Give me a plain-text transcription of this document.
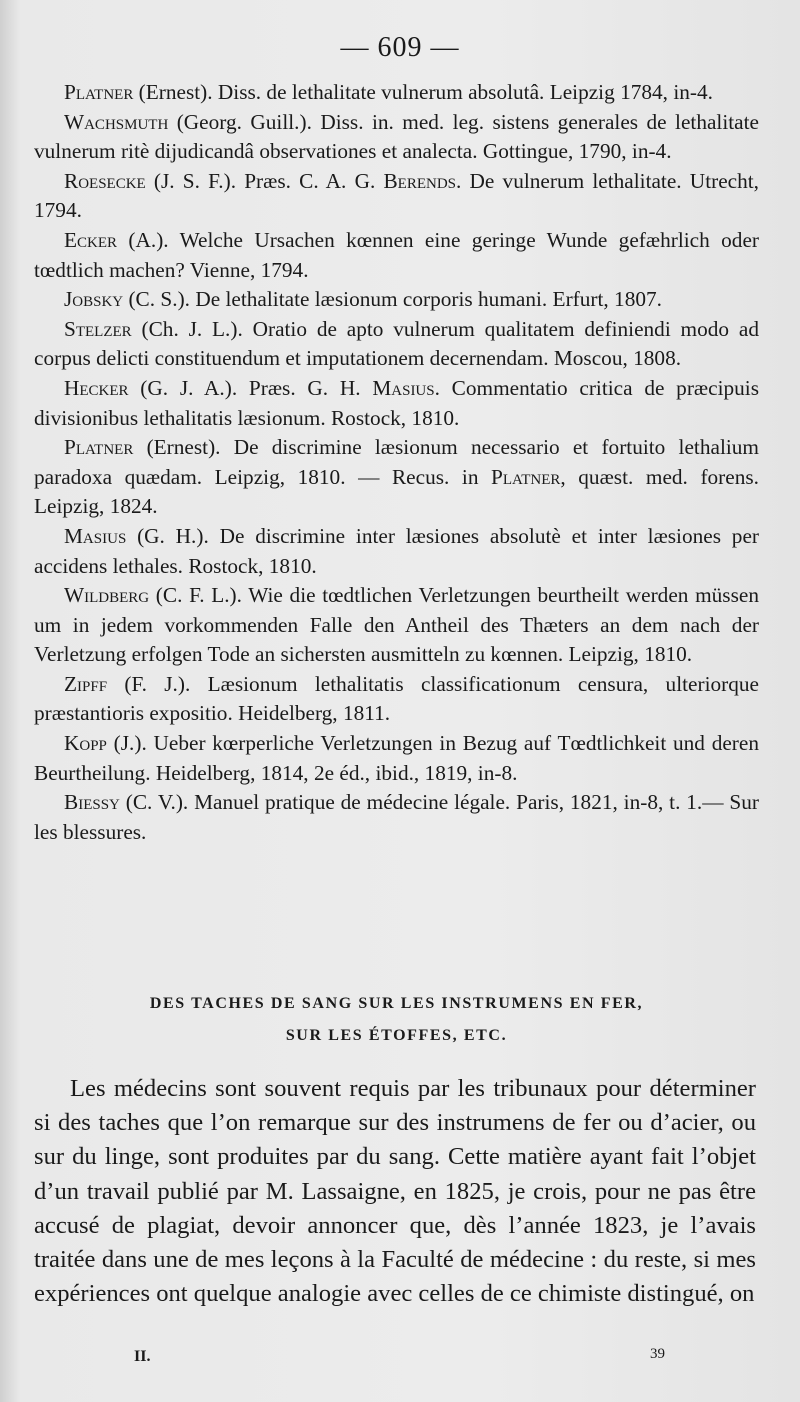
— 609 —

Platner (Ernest). Diss. de lethalitate vulnerum absolutâ. Leipzig 1784, in-4.

Wachsmuth (Georg. Guill.). Diss. in. med. leg. sistens generales de lethalitate vulnerum ritè dijudicandâ observationes et analecta. Gottingue, 1790, in-4.

Roesecke (J. S. F.). Præs. C. A. G. Berends. De vulnerum lethalitate. Utrecht, 1794.

Ecker (A.). Welche Ursachen kœnnen eine geringe Wunde gefæhrlich oder tœdtlich machen? Vienne, 1794.

Jobsky (C. S.). De lethalitate læsionum corporis humani. Erfurt, 1807.

Stelzer (Ch. J. L.). Oratio de apto vulnerum qualitatem definiendi modo ad corpus delicti constituendum et imputationem decernendam. Moscou, 1808.

Hecker (G. J. A.). Præs. G. H. Masius. Commentatio critica de præcipuis divisionibus lethalitatis læsionum. Rostock, 1810.

Platner (Ernest). De discrimine læsionum necessario et fortuito lethalium paradoxa quædam. Leipzig, 1810. — Recus. in Platner, quæst. med. forens. Leipzig, 1824.

Masius (G. H.). De discrimine inter læsiones absolutè et inter læsiones per accidens lethales. Rostock, 1810.

Wildberg (C. F. L.). Wie die tœdtlichen Verletzungen beurtheilt werden müssen um in jedem vorkommenden Falle den Antheil des Thæters an dem nach der Verletzung erfolgen Tode an sichersten ausmitteln zu kœnnen. Leipzig, 1810.

Zipff (F. J.). Læsionum lethalitatis classificationum censura, ulteriorque præstantioris expositio. Heidelberg, 1811.

Kopp (J.). Ueber kœrperliche Verletzungen in Bezug auf Tœdtlichkeit und deren Beurtheilung. Heidelberg, 1814, 2e éd., ibid., 1819, in-8.

Biessy (C. V.). Manuel pratique de médecine légale. Paris, 1821, in-8, t. 1.— Sur les blessures.

DES TACHES DE SANG SUR LES INSTRUMENS EN FER,
SUR LES ÉTOFFES, ETC.

Les médecins sont souvent requis par les tribunaux pour déterminer si des taches que l’on remarque sur des instrumens de fer ou d’acier, ou sur du linge, sont produites par du sang. Cette matière ayant fait l’objet d’un travail publié par M. Lassaigne, en 1825, je crois, pour ne pas être accusé de plagiat, devoir annoncer que, dès l’année 1823, je l’avais traitée dans une de mes leçons à la Faculté de médecine : du reste, si mes expériences ont quelque analogie avec celles de ce chimiste distingué, on

II.	39
